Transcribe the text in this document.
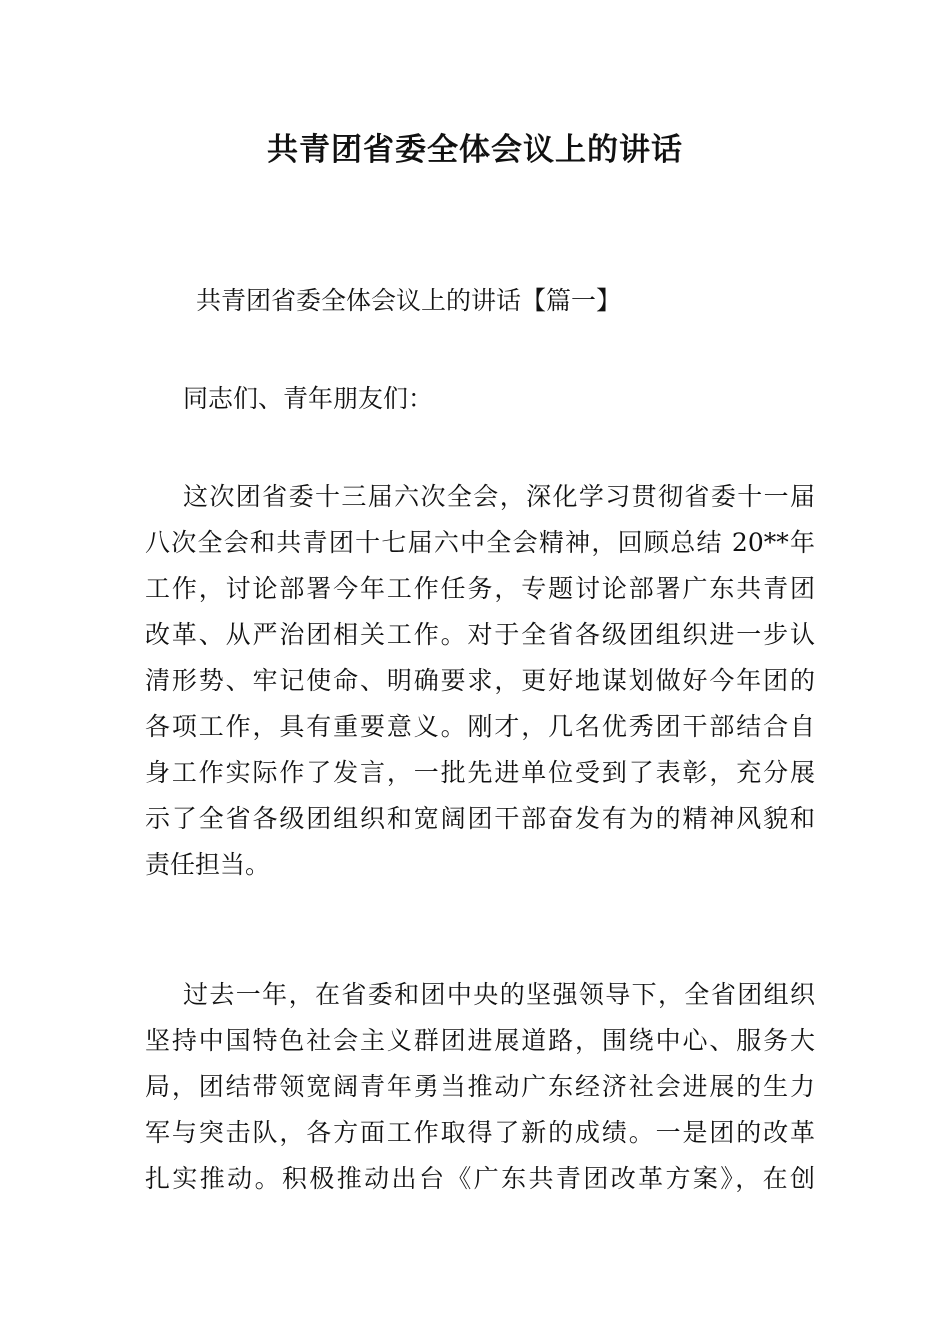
共青团省委全体会议上的讲话
共青团省委全体会议上的讲话【篇一】
同志们、青年朋友们：
这次团省委十三届六次全会，深化学习贯彻省委十一届
八次全会和共青团十七届六中全会精神，回顾总结 20**年
工作，讨论部署今年工作任务，专题讨论部署广东共青团
改革、从严治团相关工作。对于全省各级团组织进一步认
清形势、牢记使命、明确要求，更好地谋划做好今年团的
各项工作，具有重要意义。刚才，几名优秀团干部结合自
身工作实际作了发言，一批先进单位受到了表彰，充分展
示了全省各级团组织和宽阔团干部奋发有为的精神风貌和
责任担当。
过去一年，在省委和团中央的坚强领导下，全省团组织
坚持中国特色社会主义群团进展道路，围绕中心、服务大
局，团结带领宽阔青年勇当推动广东经济社会进展的生力
军与突击队，各方面工作取得了新的成绩。一是团的改革
扎实推动。积极推动出台《广东共青团改革方案》，在创
